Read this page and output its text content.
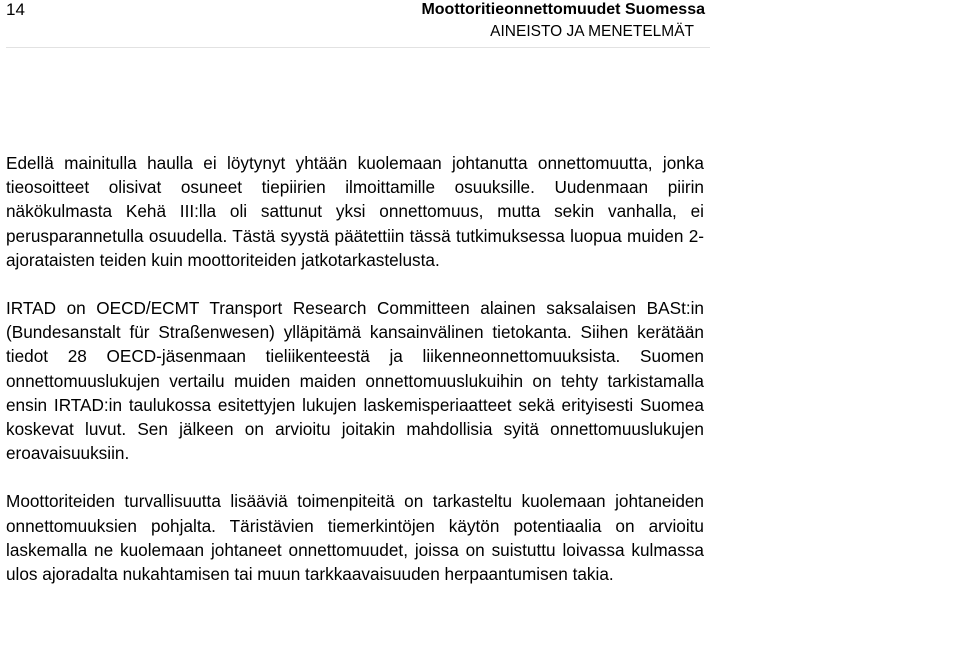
14	Moottoritieonnettomuudet Suomessa
AINEISTO JA MENETELMÄT

Edellä mainitulla haulla ei löytynyt yhtään kuolemaan johtanutta onnettomuutta, jonka tieosoitteet olisivat osuneet tiepiirien ilmoittamille osuuksille. Uudenmaan piirin näkökulmasta Kehä III:lla oli sattunut yksi onnettomuus, mutta sekin vanhalla, ei perusparannetulla osuudella. Tästä syystä päätettiin tässä tutkimuksessa luopua muiden 2-ajorataisten teiden kuin moottoriteiden jatkotarkastelusta.

IRTAD on OECD/ECMT Transport Research Committeen alainen saksalaisen BASt:in (Bundesanstalt für Straßenwesen) ylläpitämä kansainvälinen tietokanta. Siihen kerätään tiedot 28 OECD-jäsenmaan tieliikenteestä ja liikenneonnettomuuksista. Suomen onnettomuuslukujen vertailu muiden maiden onnettomuuslukuihin on tehty tarkistamalla ensin IRTAD:in taulukossa esitettyjen lukujen laskemisperiaatteet sekä erityisesti Suomea koskevat luvut. Sen jälkeen on arvioitu joitakin mahdollisia syitä onnettomuuslukujen eroavaisuuksiin.

Moottoriteiden turvallisuutta lisääviä toimenpiteitä on tarkasteltu kuolemaan johtaneiden onnettomuuksien pohjalta. Täristävien tiemerkintöjen käytön potentiaalia on arvioitu laskemalla ne kuolemaan johtaneet onnettomuudet, joissa on suistuttu loivassa kulmassa ulos ajoradalta nukahtamisen tai muun tarkkaavaisuuden herpaantumisen takia.
